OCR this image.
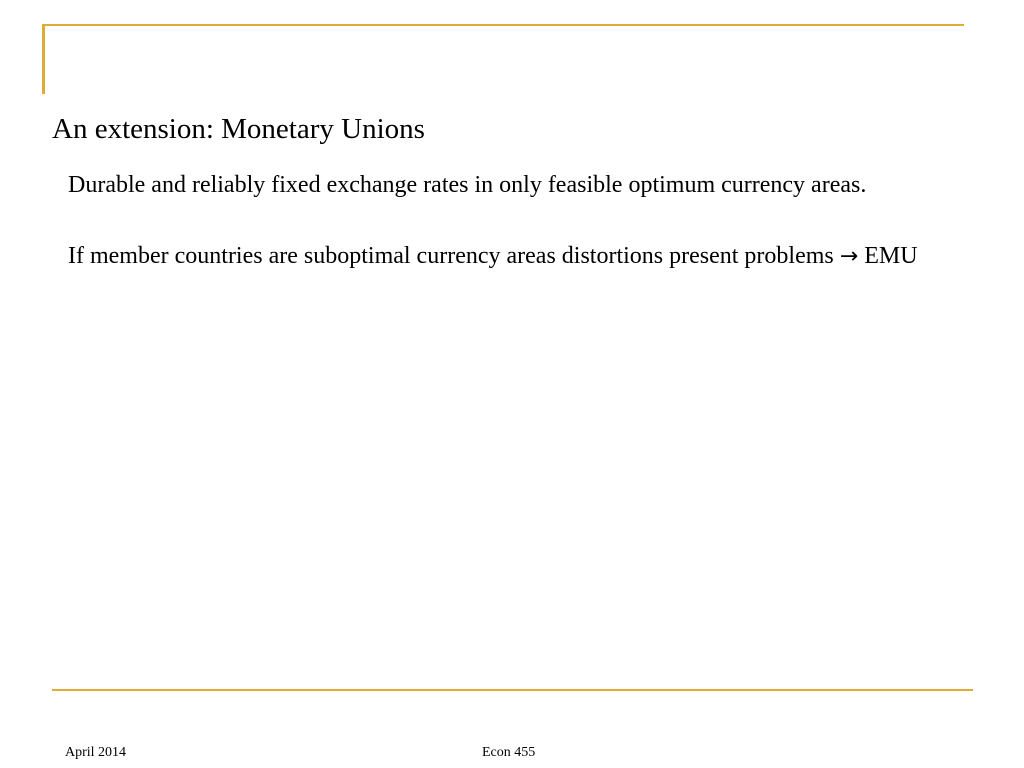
An extension: Monetary Unions

Durable and reliably fixed exchange rates in only feasible optimum currency areas.

If member countries are suboptimal currency areas distortions present problems → EMU

April 2014	Econ 455
